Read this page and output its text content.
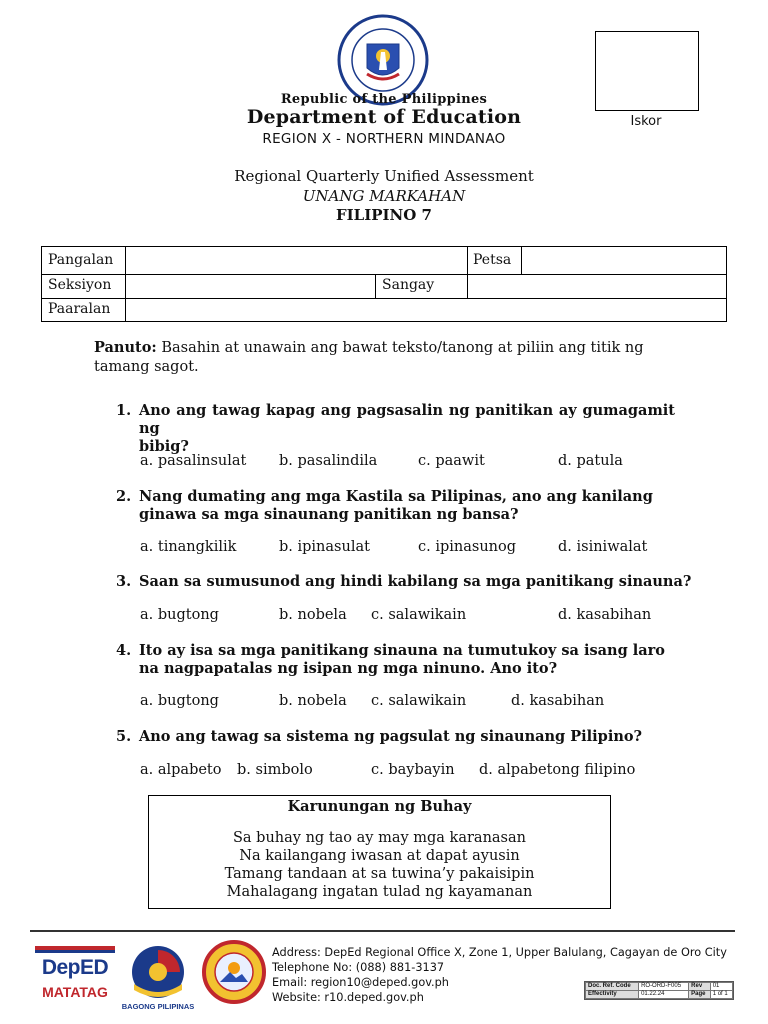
Republic of the Philippines
Department of Education
REGION X - NORTHERN MINDANAO
Iskor
Regional Quarterly Unified Assessment
UNANG MARKAHAN
FILIPINO 7
Pangalan	Petsa
Seksiyon	Sangay
Paaralan
Panuto: Basahin at unawain ang bawat teksto/tanong at piliin ang titik ng tamang sagot.
1. Ano ang tawag kapag ang pagsasalin ng panitikan ay gumagamit ng
bibig?
a. pasalinsulat b. pasalindila	c. paawit	d. patula
2. Nang dumating ang mga Kastila sa Pilipinas, ano ang kanilang
ginawa sa mga sinaunang panitikan ng bansa?
a. tinangkilik	b. ipinasulat	c. ipinasunog	d. isiniwalat
3. Saan sa sumusunod ang hindi kabilang sa mga panitikang sinauna?
a. bugtong	b. nobela c. salawikain	d. kasabihan
4. Ito ay isa sa mga panitikang sinauna na tumutukoy sa isang laro
na nagpapatalas ng isipan ng mga ninuno. Ano ito?
a. bugtong	b. nobela c. salawikain	d. kasabihan
5. Ano ang tawag sa sistema ng pagsulat ng sinaunang Pilipino?
a. alpabeto b. simbolo	c. baybayin d. alpabetong filipino
Karunungan ng Buhay
Sa buhay ng tao ay may mga karanasan
Na kailangang iwasan at dapat ayusin
Tamang tandaan at sa tuwina’y pakaisipin
Mahalagang ingatan tulad ng kayamanan
DepED
MATATAG
BAGONG PILIPINAS
Address: DepEd Regional Office X, Zone 1, Upper Balulang, Cagayan de Oro City
Telephone No: (088) 881-3137
Email: region10@deped.gov.ph
Website: r10.deped.gov.ph
Doc. Ref. Code	RO-ORD-F005	Rev	01
Effectivity	01.22.24	Page	1 of 1
